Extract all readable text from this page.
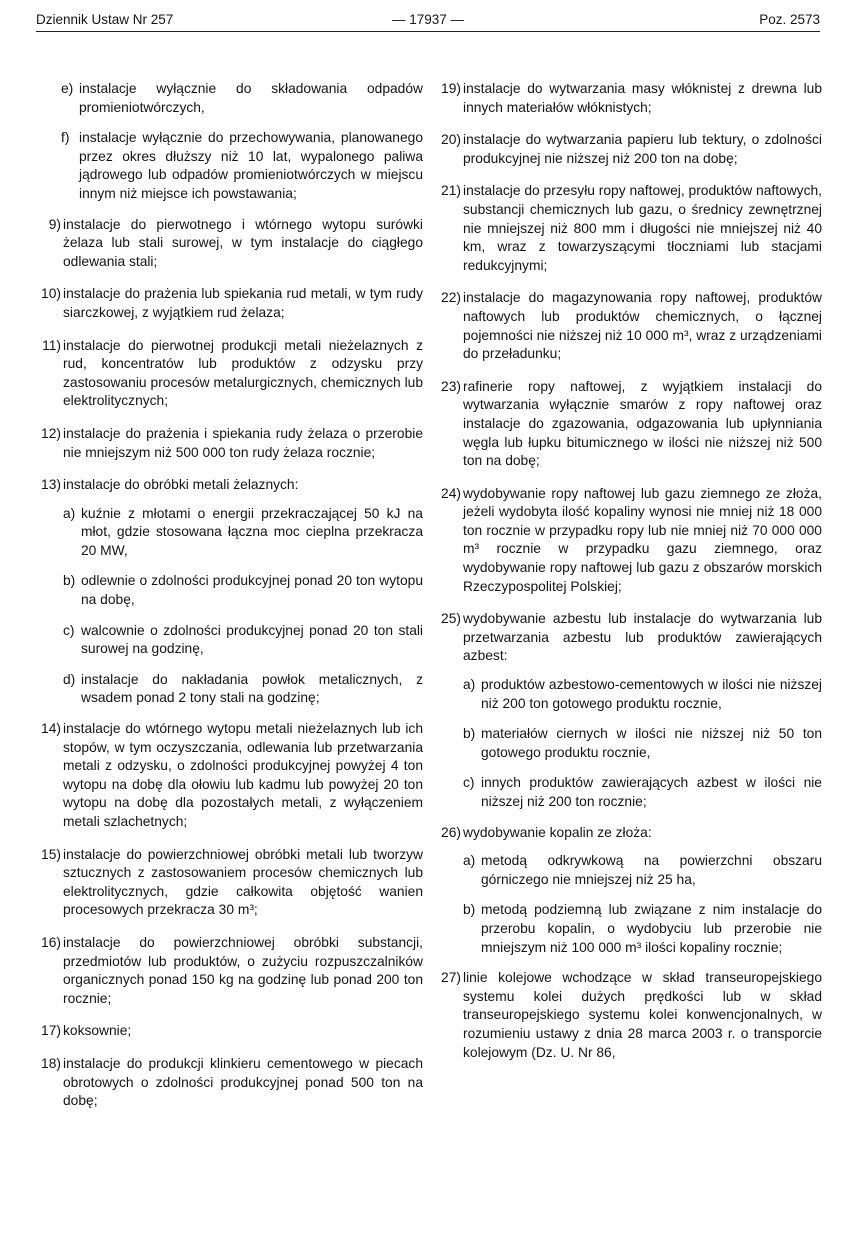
Dziennik Ustaw Nr 257	— 17937 —	Poz. 2573
e) instalacje wyłącznie do składowania odpadów promieniotwórczych,
f) instalacje wyłącznie do przechowywania, planowanego przez okres dłuższy niż 10 lat, wypalonego paliwa jądrowego lub odpadów promieniotwórczych w miejscu innym niż miejsce ich powstawania;
9) instalacje do pierwotnego i wtórnego wytopu surówki żelaza lub stali surowej, w tym instalacje do ciągłego odlewania stali;
10) instalacje do prażenia lub spiekania rud metali, w tym rudy siarczkowej, z wyjątkiem rud żelaza;
11) instalacje do pierwotnej produkcji metali nieżelaznych z rud, koncentratów lub produktów z odzysku przy zastosowaniu procesów metalurgicznych, chemicznych lub elektrolitycznych;
12) instalacje do prażenia i spiekania rudy żelaza o przerobie nie mniejszym niż 500 000 ton rudy żelaza rocznie;
13) instalacje do obróbki metali żelaznych:
a) kuźnie z młotami o energii przekraczającej 50 kJ na młot, gdzie stosowana łączna moc cieplna przekracza 20 MW,
b) odlewnie o zdolności produkcyjnej ponad 20 ton wytopu na dobę,
c) walcownie o zdolności produkcyjnej ponad 20 ton stali surowej na godzinę,
d) instalacje do nakładania powłok metalicznych, z wsadem ponad 2 tony stali na godzinę;
14) instalacje do wtórnego wytopu metali nieżelaznych lub ich stopów, w tym oczyszczania, odlewania lub przetwarzania metali z odzysku, o zdolności produkcyjnej powyżej 4 ton wytopu na dobę dla ołowiu lub kadmu lub powyżej 20 ton wytopu na dobę dla pozostałych metali, z wyłączeniem metali szlachetnych;
15) instalacje do powierzchniowej obróbki metali lub tworzyw sztucznych z zastosowaniem procesów chemicznych lub elektrolitycznych, gdzie całkowita objętość wanien procesowych przekracza 30 m³;
16) instalacje do powierzchniowej obróbki substancji, przedmiotów lub produktów, o zużyciu rozpuszczalników organicznych ponad 150 kg na godzinę lub ponad 200 ton rocznie;
17) koksownie;
18) instalacje do produkcji klinkieru cementowego w piecach obrotowych o zdolności produkcyjnej ponad 500 ton na dobę;
19) instalacje do wytwarzania masy włóknistej z drewna lub innych materiałów włóknistych;
20) instalacje do wytwarzania papieru lub tektury, o zdolności produkcyjnej nie niższej niż 200 ton na dobę;
21) instalacje do przesyłu ropy naftowej, produktów naftowych, substancji chemicznych lub gazu, o średnicy zewnętrznej nie mniejszej niż 800 mm i długości nie mniejszej niż 40 km, wraz z towarzyszącymi tłoczniami lub stacjami redukcyjnymi;
22) instalacje do magazynowania ropy naftowej, produktów naftowych lub produktów chemicznych, o łącznej pojemności nie niższej niż 10 000 m³, wraz z urządzeniami do przeładunku;
23) rafinerie ropy naftowej, z wyjątkiem instalacji do wytwarzania wyłącznie smarów z ropy naftowej oraz instalacje do zgazowania, odgazowania lub upłynniania węgla lub łupku bitumicznego w ilości nie niższej niż 500 ton na dobę;
24) wydobywanie ropy naftowej lub gazu ziemnego ze złoża, jeżeli wydobyta ilość kopaliny wynosi nie mniej niż 18 000 ton rocznie w przypadku ropy lub nie mniej niż 70 000 000 m³ rocznie w przypadku gazu ziemnego, oraz wydobywanie ropy naftowej lub gazu z obszarów morskich Rzeczypospolitej Polskiej;
25) wydobywanie azbestu lub instalacje do wytwarzania lub przetwarzania azbestu lub produktów zawierających azbest:
a) produktów azbestowo-cementowych w ilości nie niższej niż 200 ton gotowego produktu rocznie,
b) materiałów ciernych w ilości nie niższej niż 50 ton gotowego produktu rocznie,
c) innych produktów zawierających azbest w ilości nie niższej niż 200 ton rocznie;
26) wydobywanie kopalin ze złoża:
a) metodą odkrywkową na powierzchni obszaru górniczego nie mniejszej niż 25 ha,
b) metodą podziemną lub związane z nim instalacje do przerobu kopalin, o wydobyciu lub przerobie nie mniejszym niż 100 000 m³ ilości kopaliny rocznie;
27) linie kolejowe wchodzące w skład transeuropejskiego systemu kolei dużych prędkości lub w skład transeuropejskiego systemu kolei konwencjonalnych, w rozumieniu ustawy z dnia 28 marca 2003 r. o transporcie kolejowym (Dz. U. Nr 86,
